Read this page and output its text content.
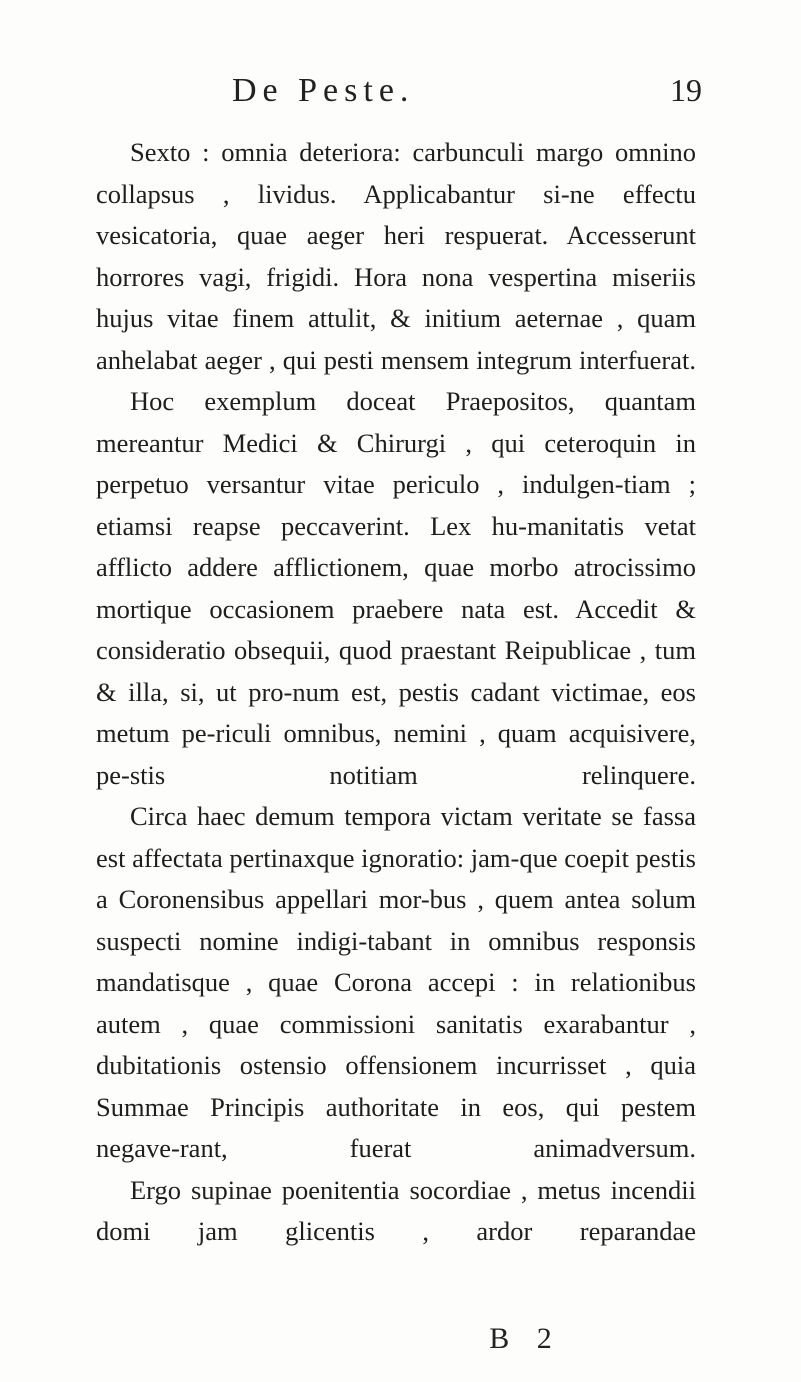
De Peste.	19

Sexto : omnia deteriora: carbunculi margo omnino collapsus , lividus. Applicabantur si-ne effectu vesicatoria, quae aeger heri respuerat. Accesserunt horrores vagi, frigidi. Hora nona vespertina miseriis hujus vitae finem attulit, & initium aeternae , quam anhelabat aeger , qui pesti mensem integrum interfuerat.

Hoc exemplum doceat Praepositos, quantam mereantur Medici & Chirurgi , qui ceteroquin in perpetuo versantur vitae periculo , indulgen-tiam ; etiamsi reapse peccaverint. Lex hu-manitatis vetat afflicto addere afflictionem, quae morbo atrocissimo mortique occasionem praebere nata est. Accedit & consideratio obsequii, quod praestant Reipublicae , tum & illa, si, ut pro-num est, pestis cadant victimae, eos metum pe-riculi omnibus, nemini , quam acquisivere, pe-stis notitiam relinquere.

Circa haec demum tempora victam veritate se fassa est affectata pertinaxque ignoratio: jam-que coepit pestis a Coronensibus appellari mor-bus , quem antea solum suspecti nomine indigi-tabant in omnibus responsis mandatisque , quae Corona accepi : in relationibus autem , quae commissioni sanitatis exarabantur , dubitationis ostensio offensionem incurrisset , quia Summae Principis authoritate in eos, qui pestem negave-rant, fuerat animadversum.

Ergo supinae poenitentia socordiae , metus incendii domi jam glicentis , ardor reparandae

B 2
